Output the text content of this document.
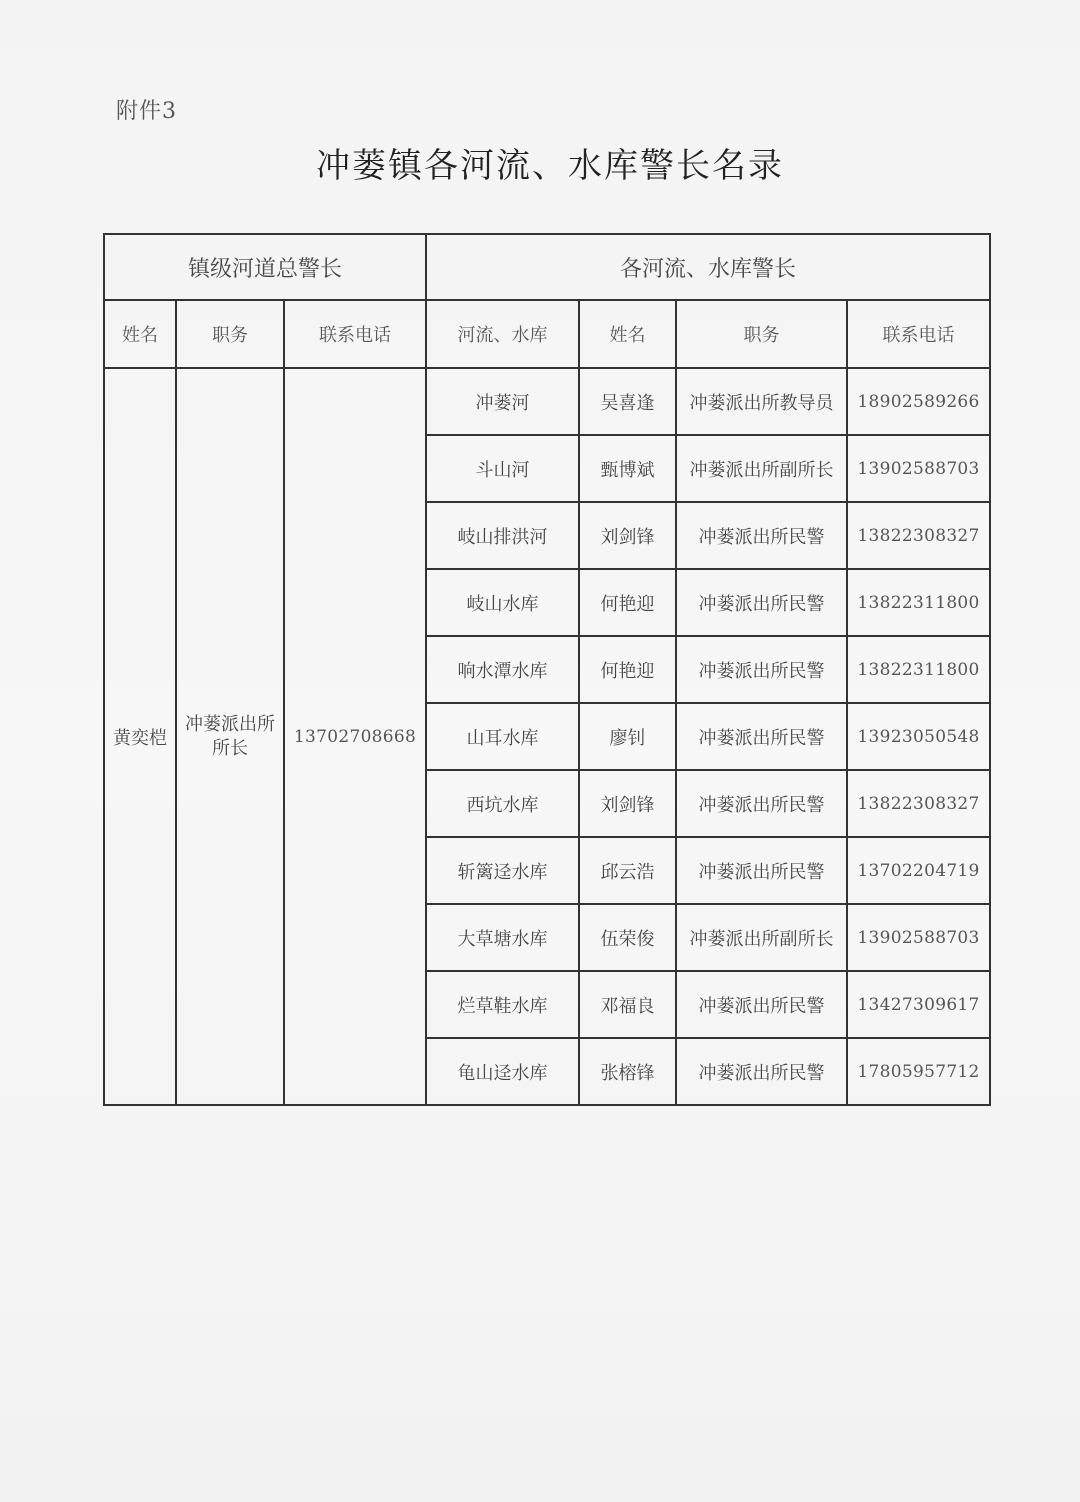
附件3
冲蒌镇各河流、水库警长名录
镇级河道总警长			各河流、水库警长			
姓名	职务	联系电话	河流、水库	姓名	职务	联系电话
黄奕桤	冲蒌派出所所长	13702708668	冲蒌河	吴喜逢	冲蒌派出所教导员	18902589266
			斗山河	甄博斌	冲蒌派出所副所长	13902588703
			岐山排洪河	刘剑锋	冲蒌派出所民警	13822308327
			岐山水库	何艳迎	冲蒌派出所民警	13822311800
			响水潭水库	何艳迎	冲蒌派出所民警	13822311800
			山耳水库	廖钊	冲蒌派出所民警	13923050548
			西坑水库	刘剑锋	冲蒌派出所民警	13822308327
			斩篱迳水库	邱云浩	冲蒌派出所民警	13702204719
			大草塘水库	伍荣俊	冲蒌派出所副所长	13902588703
			烂草鞋水库	邓福良	冲蒌派出所民警	13427309617
			龟山迳水库	张榕锋	冲蒌派出所民警	17805957712
